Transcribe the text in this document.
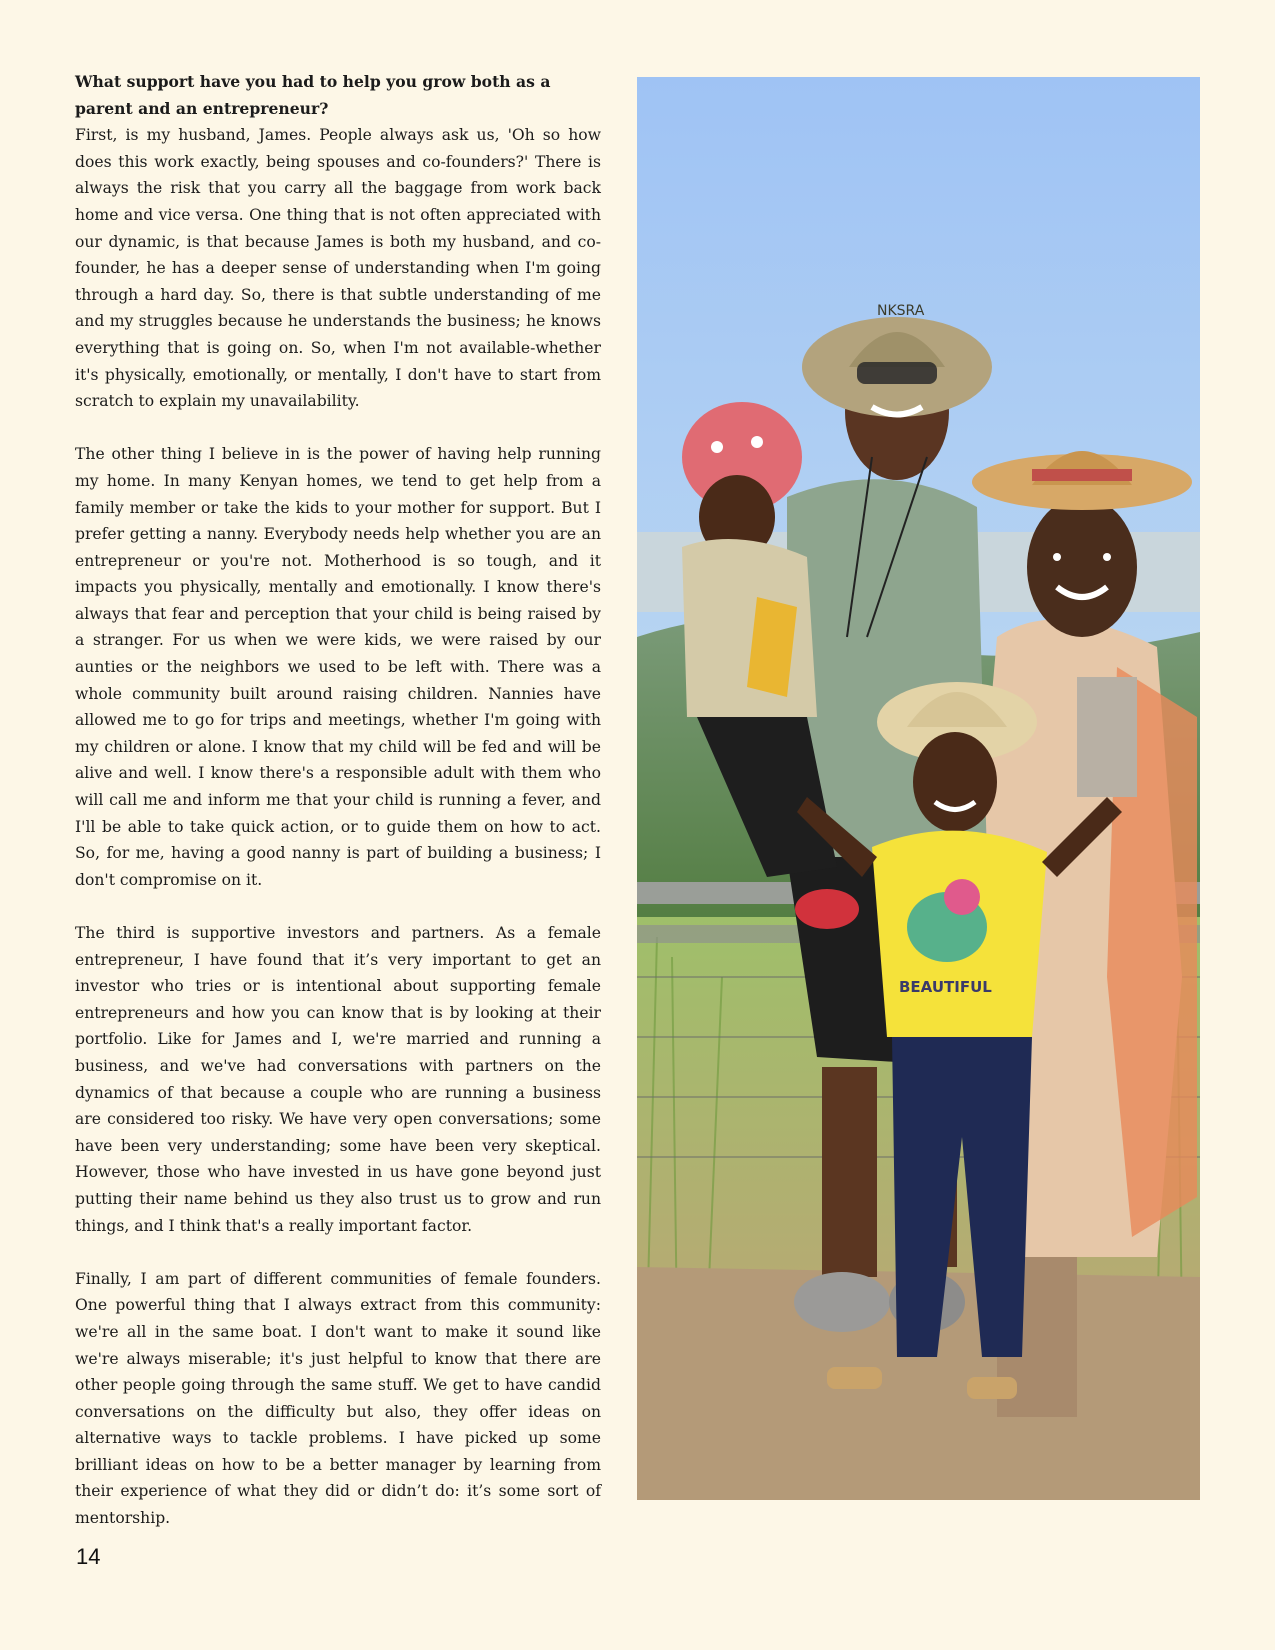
What support have you had to help you grow both as a parent and an entrepreneur?

First, is my husband, James. People always ask us, 'Oh so how does this work exactly, being spouses and co-founders?' There is always the risk that you carry all the baggage from work back home and vice versa. One thing that is not often appreciated with our dynamic, is that because James is both my husband, and co-founder, he has a deeper sense of understanding when I'm going through a hard day. So, there is that subtle understanding of me and my struggles because he understands the business; he knows everything that is going on. So, when I'm not available-whether it's physically, emotionally, or mentally, I don't have to start from scratch to explain my unavailability.

The other thing I believe in is the power of having help running my home. In many Kenyan homes, we tend to get help from a family member or take the kids to your mother for support. But I prefer getting a nanny. Everybody needs help whether you are an entrepreneur or you're not. Motherhood is so tough, and it impacts you physically, mentally and emotionally. I know there's always that fear and perception that your child is being raised by a stranger. For us when we were kids, we were raised by our aunties or the neighbors we used to be left with. There was a whole community built around raising children. Nannies have allowed me to go for trips and meetings, whether I'm going with my children or alone. I know that my child will be fed and will be alive and well. I know there's a responsible adult with them who will call me and inform me that your child is running a fever, and I'll be able to take quick action, or to guide them on how to act. So, for me, having a good nanny is part of building a business; I don't compromise on it.

The third is supportive investors and partners. As a female entrepreneur, I have found that it’s very important to get an investor who tries or is intentional about supporting female entrepreneurs and how you can know that is by looking at their portfolio. Like for James and I, we're married and running a business, and we've had conversations with partners on the dynamics of that because a couple who are running a business are considered too risky. We have very open conversations; some have been very understanding; some have been very skeptical. However, those who have invested in us have gone beyond just putting their name behind us they also trust us to grow and run things, and I think that's a really important factor.

Finally, I am part of different communities of female founders. One powerful thing that I always extract from this community: we're all in the same boat. I don't want to make it sound like we're always miserable; it's just helpful to know that there are other people going through the same stuff. We get to have candid conversations on the difficulty but also, they offer ideas on alternative ways to tackle problems. I have picked up some brilliant ideas on how to be a better manager by learning from their experience of what they did or didn’t do: it’s some sort of mentorship.

NKSRA
BEAUTIFUL
14
